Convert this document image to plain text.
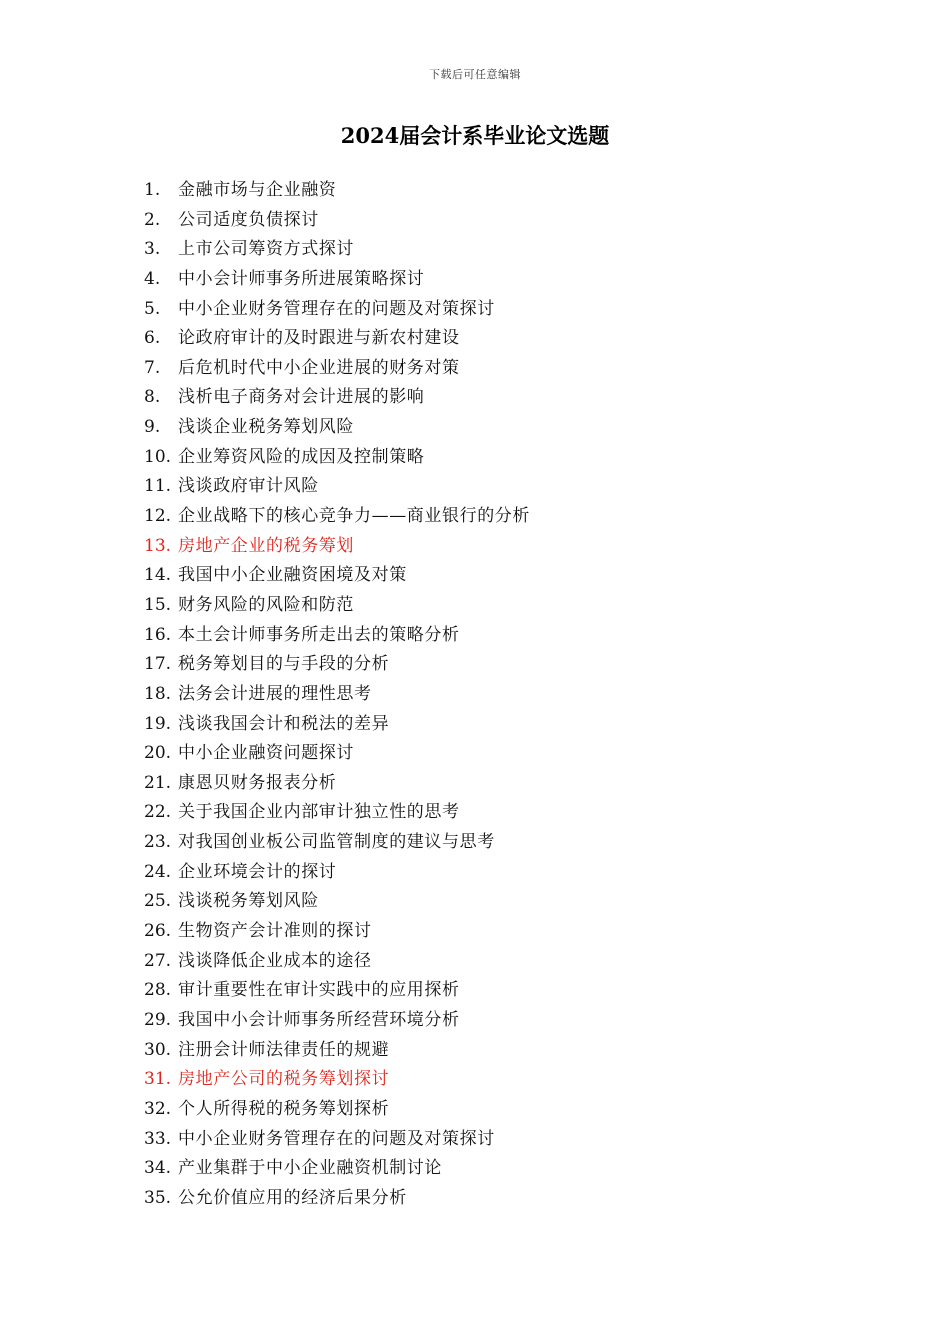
下载后可任意编辑
2024届会计系毕业论文选题
1.	金融市场与企业融资
2.	公司适度负债探讨
3.	上市公司筹资方式探讨
4.	中小会计师事务所进展策略探讨
5.	中小企业财务管理存在的问题及对策探讨
6.	论政府审计的及时跟进与新农村建设
7.	后危机时代中小企业进展的财务对策
8.	浅析电子商务对会计进展的影响
9.	浅谈企业税务筹划风险
10. 企业筹资风险的成因及控制策略
11. 浅谈政府审计风险
12. 企业战略下的核心竞争力——商业银行的分析
13. 房地产企业的税务筹划
14. 我国中小企业融资困境及对策
15. 财务风险的风险和防范
16. 本土会计师事务所走出去的策略分析
17. 税务筹划目的与手段的分析
18. 法务会计进展的理性思考
19. 浅谈我国会计和税法的差异
20. 中小企业融资问题探讨
21. 康恩贝财务报表分析
22. 关于我国企业内部审计独立性的思考
23. 对我国创业板公司监管制度的建议与思考
24. 企业环境会计的探讨
25. 浅谈税务筹划风险
26. 生物资产会计准则的探讨
27. 浅谈降低企业成本的途径
28. 审计重要性在审计实践中的应用探析
29. 我国中小会计师事务所经营环境分析
30. 注册会计师法律责任的规避
31. 房地产公司的税务筹划探讨
32. 个人所得税的税务筹划探析
33. 中小企业财务管理存在的问题及对策探讨
34. 产业集群于中小企业融资机制讨论
35. 公允价值应用的经济后果分析
